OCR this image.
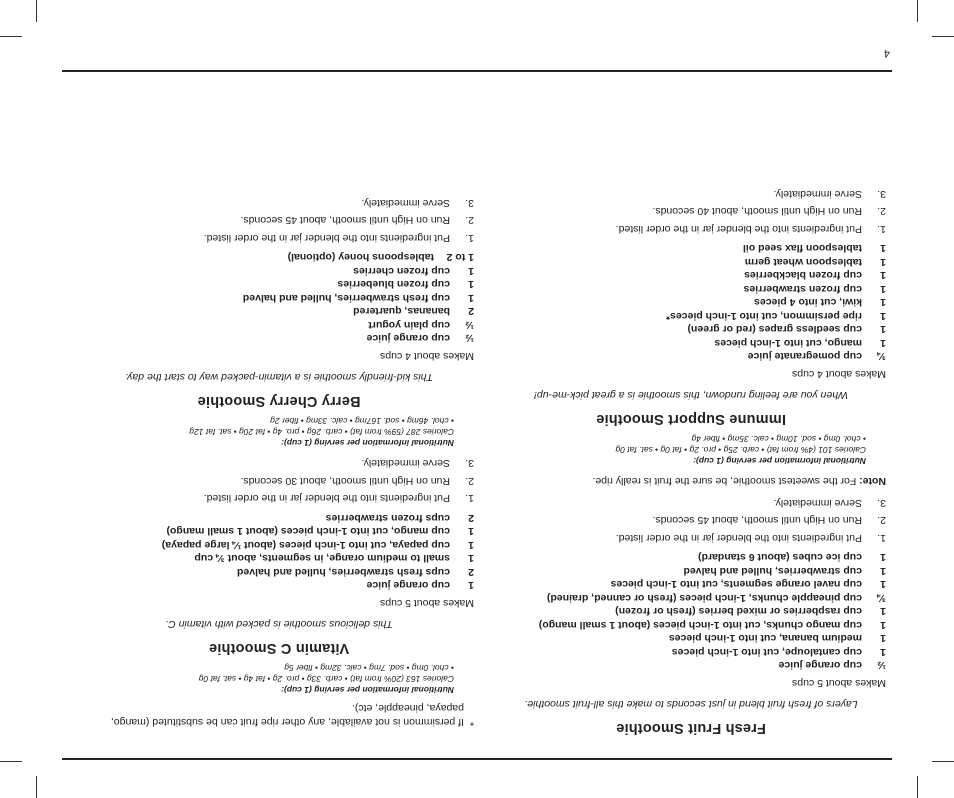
Fresh Fruit Smoothie
Layers of fresh fruit blend in just seconds to make this all-fruit smoothie.
Makes about 5 cups
½
cup orange juice
1
cup cantaloupe, cut into 1-inch pieces
1
medium banana, cut into 1-inch pieces
1
cup mango chunks, cut into 1-inch pieces (about 1 small mango)
1
cup raspberries or mixed berries (fresh or frozen)
¾
cup pineapple chunks, 1-inch pieces (fresh or canned, drained)
1
cup navel orange segments, cut into 1-inch pieces
1
cup strawberries, hulled and halved
1
cup ice cubes (about 6 standard)
1.
Put ingredients into the blender jar in the order listed.
2.
Run on High until smooth, about 45 seconds.
3.
Serve immediately.
Note: For the sweetest smoothie, be sure the fruit is really ripe.
Nutritional information per serving (1 cup):
Calories 101 (4% from fat) • carb. 25g • pro. 2g • fat 0g • sat. fat 0g
• chol. 0mg • sod. 10mg • calc. 35mg • fiber 4g
Immune Support Smoothie
When you are feeling rundown, this smoothie is a great pick-me-up!
Makes about 4 cups
¾
cup pomegranate juice
1
mango, cut into 1-inch pieces
1
cup seedless grapes (red or green)
1
ripe persimmon, cut into 1-inch pieces*
1
kiwi, cut into 4 pieces
1
cup frozen strawberries
1
cup frozen blackberries
1
tablespoon wheat germ
1
tablespoon flax seed oil
1.
Put ingredients into the blender jar in the order listed.
2.
Run on High until smooth, about 40 seconds.
3.
Serve immediately.
*
If persimmon is not available, any other ripe fruit can be substituted (mango, papaya, pineapple, etc).
Nutritional information per serving (1 cup):
Calories 163 (20% from fat) • carb. 33g • pro. 2g • fat 4g • sat. fat 0g
• chol. 0mg • sod. 7mg • calc. 32mg • fiber 5g
Vitamin C Smoothie
This delicious smoothie is packed with vitamin C.
Makes about 5 cups
1
cup orange juice
2
cups fresh strawberries, hulled and halved
1
small to medium orange, in segments, about ¾ cup
1
cup papaya, cut into 1-inch pieces (about ¼ large papaya)
1
cup mango, cut into 1-inch pieces (about 1 small mango)
2
cups frozen strawberries
1.
Put ingredients into the blender jar in the order listed.
2.
Run on High until smooth, about 30 seconds.
3.
Serve immediately.
Nutritional information per serving (1 cup):
Calories 287 (59% from fat) • carb. 26g • pro. 4g • fat 20g • sat. fat 12g
• chol. 46mg • sod. 167mg • calc. 33mg • fiber 2g
Berry Cherry Smoothie
This kid-friendly smoothie is a vitamin-packed way to start the day.
Makes about 4 cups
½
cup orange juice
½
cup plain yogurt
2
bananas, quartered
1
cup fresh strawberries, hulled and halved
1
cup frozen blueberries
1
cup frozen cherries
1 to 2
tablespoons honey (optional)
1.
Put ingredients into the blender jar in the order listed.
2.
Run on High until smooth, about 45 seconds.
3.
Serve immediately.
4
